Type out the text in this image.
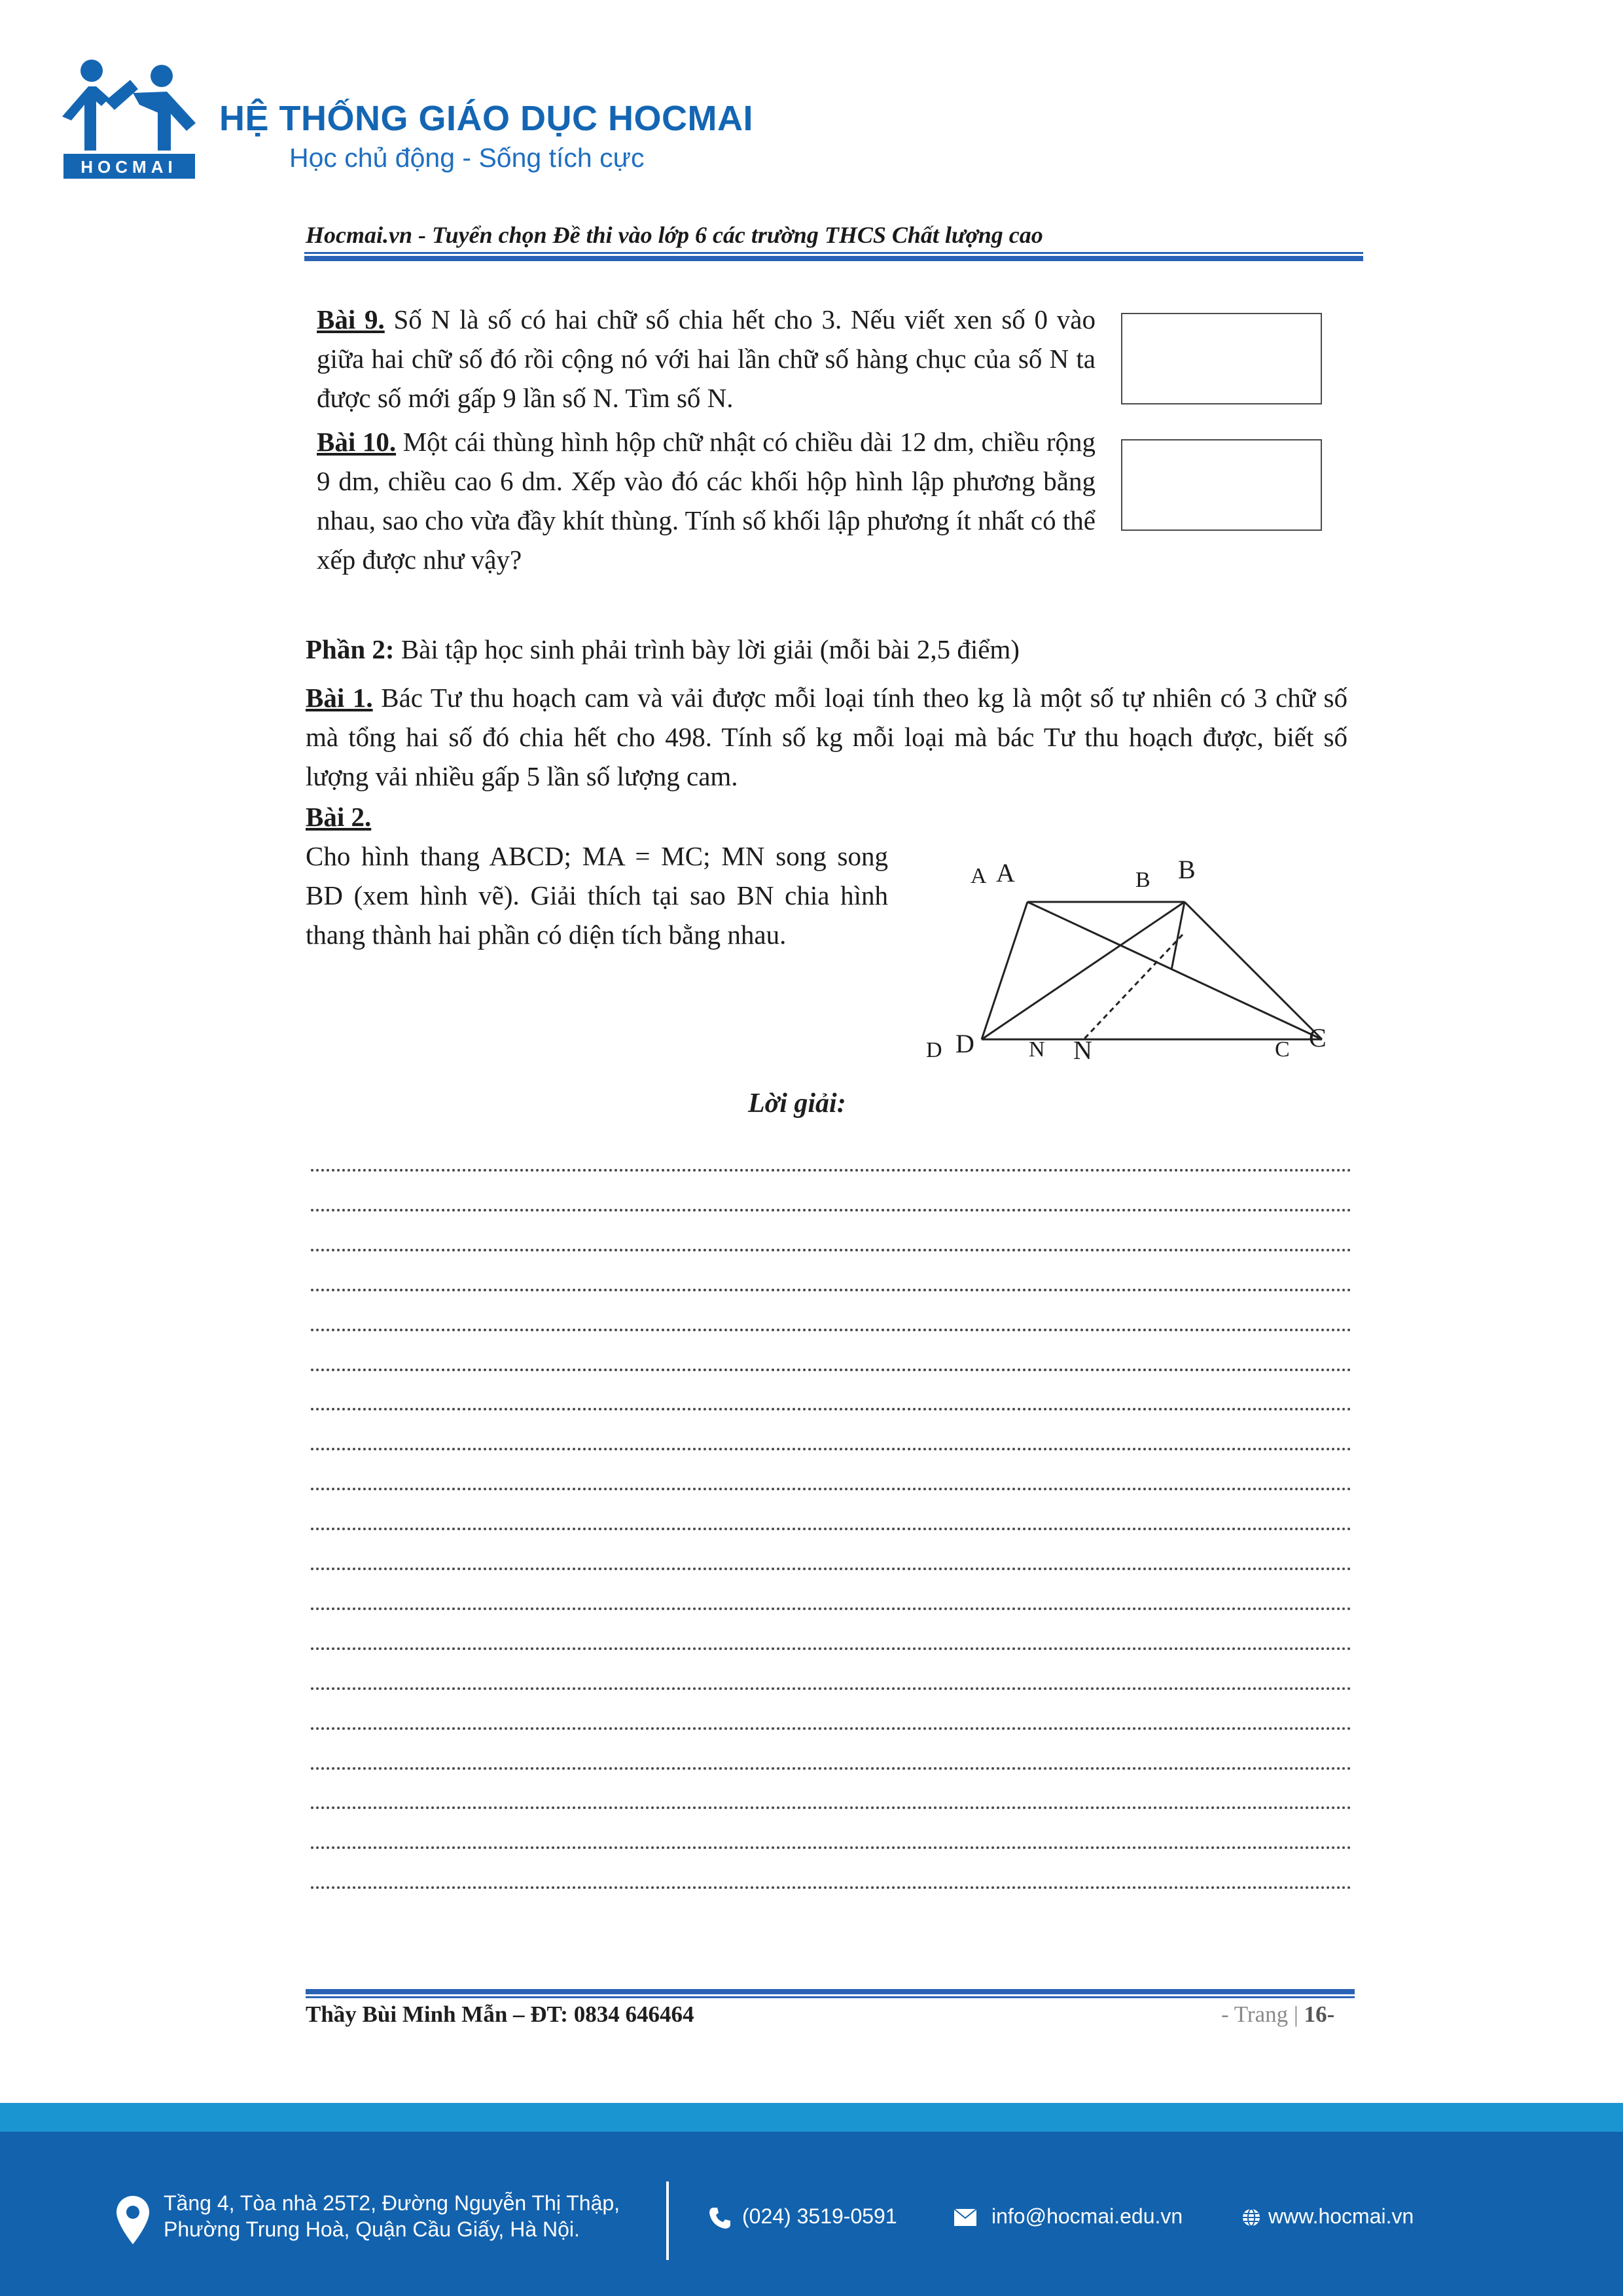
HOCMAI
HỆ THỐNG GIÁO DỤC HOCMAI
Học chủ động - Sống tích cực
Hocmai.vn - Tuyển chọn Đề thi vào lớp 6 các trường THCS Chất lượng cao
Bài 9. Số N là số có hai chữ số chia hết cho 3. Nếu viết xen số 0 vào giữa hai chữ số đó rồi cộng nó với hai lần chữ số hàng chục của số N ta được số mới gấp 9 lần số N. Tìm số N.
Bài 10. Một cái thùng hình hộp chữ nhật có chiều dài 12 dm, chiều rộng 9 dm, chiều cao 6 dm. Xếp vào đó các khối hộp hình lập phương bằng nhau, sao cho vừa đầy khít thùng. Tính số khối lập phương ít nhất có thể xếp được như vậy?
Phần 2: Bài tập học sinh phải trình bày lời giải (mỗi bài 2,5 điểm)
Bài 1. Bác Tư thu hoạch cam và vải được mỗi loại tính theo kg là một số tự nhiên có 3 chữ số mà tổng hai số đó chia hết cho 498. Tính số kg mỗi loại mà bác Tư thu hoạch được, biết số lượng vải nhiều gấp 5 lần số lượng cam.
Bài 2.
Cho hình thang ABCD; MA = MC; MN song song BD (xem hình vẽ). Giải thích tại sao BN chia hình thang thành hai phần có diện tích bằng nhau.
A A	B B
D D N N	C C
Lời giải:
Thầy Bùi Minh Mẫn – ĐT: 0834 646464	- Trang | 16-
Tầng 4, Tòa nhà 25T2, Đường Nguyễn Thị Thập,
Phường Trung Hoà, Quận Cầu Giấy, Hà Nội.
(024) 3519-0591	info@hocmai.edu.vn	www.hocmai.vn
